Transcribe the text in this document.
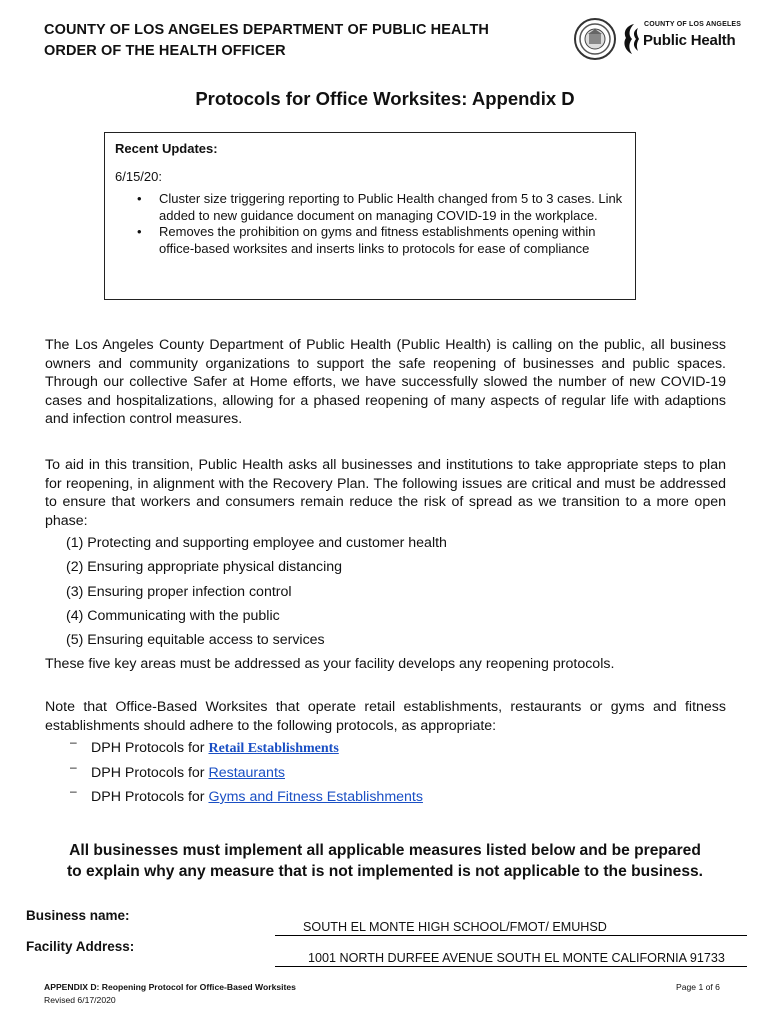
COUNTY OF LOS ANGELES DEPARTMENT OF PUBLIC HEALTH
ORDER OF THE HEALTH OFFICER
COUNTY OF LOS ANGELES
Public Health
Protocols for Office Worksites: Appendix D
Recent Updates:
6/15/20:
• Cluster size triggering reporting to Public Health changed from 5 to 3 cases. Link added to new guidance document on managing COVID-19 in the workplace.
• Removes the prohibition on gyms and fitness establishments opening within office-based worksites and inserts links to protocols for ease of compliance
The Los Angeles County Department of Public Health (Public Health) is calling on the public, all business owners and community organizations to support the safe reopening of businesses and public spaces. Through our collective Safer at Home efforts, we have successfully slowed the number of new COVID-19 cases and hospitalizations, allowing for a phased reopening of many aspects of regular life with adaptions and infection control measures.
To aid in this transition, Public Health asks all businesses and institutions to take appropriate steps to plan for reopening, in alignment with the Recovery Plan. The following issues are critical and must be addressed to ensure that workers and consumers remain reduce the risk of spread as we transition to a more open phase:
(1) Protecting and supporting employee and customer health
(2) Ensuring appropriate physical distancing
(3) Ensuring proper infection control
(4) Communicating with the public
(5) Ensuring equitable access to services
These five key areas must be addressed as your facility develops any reopening protocols.
Note that Office-Based Worksites that operate retail establishments, restaurants or gyms and fitness establishments should adhere to the following protocols, as appropriate:
– DPH Protocols for Retail Establishments
– DPH Protocols for Restaurants
– DPH Protocols for Gyms and Fitness Establishments
All businesses must implement all applicable measures listed below and be prepared
to explain why any measure that is not implemented is not applicable to the business.
Business name:
SOUTH EL MONTE HIGH SCHOOL/FMOT/ EMUHSD
Facility Address:
1001 NORTH DURFEE AVENUE SOUTH EL MONTE CALIFORNIA 91733
APPENDIX D: Reopening Protocol for Office-Based Worksites
Revised 6/17/2020
Page 1 of 6
